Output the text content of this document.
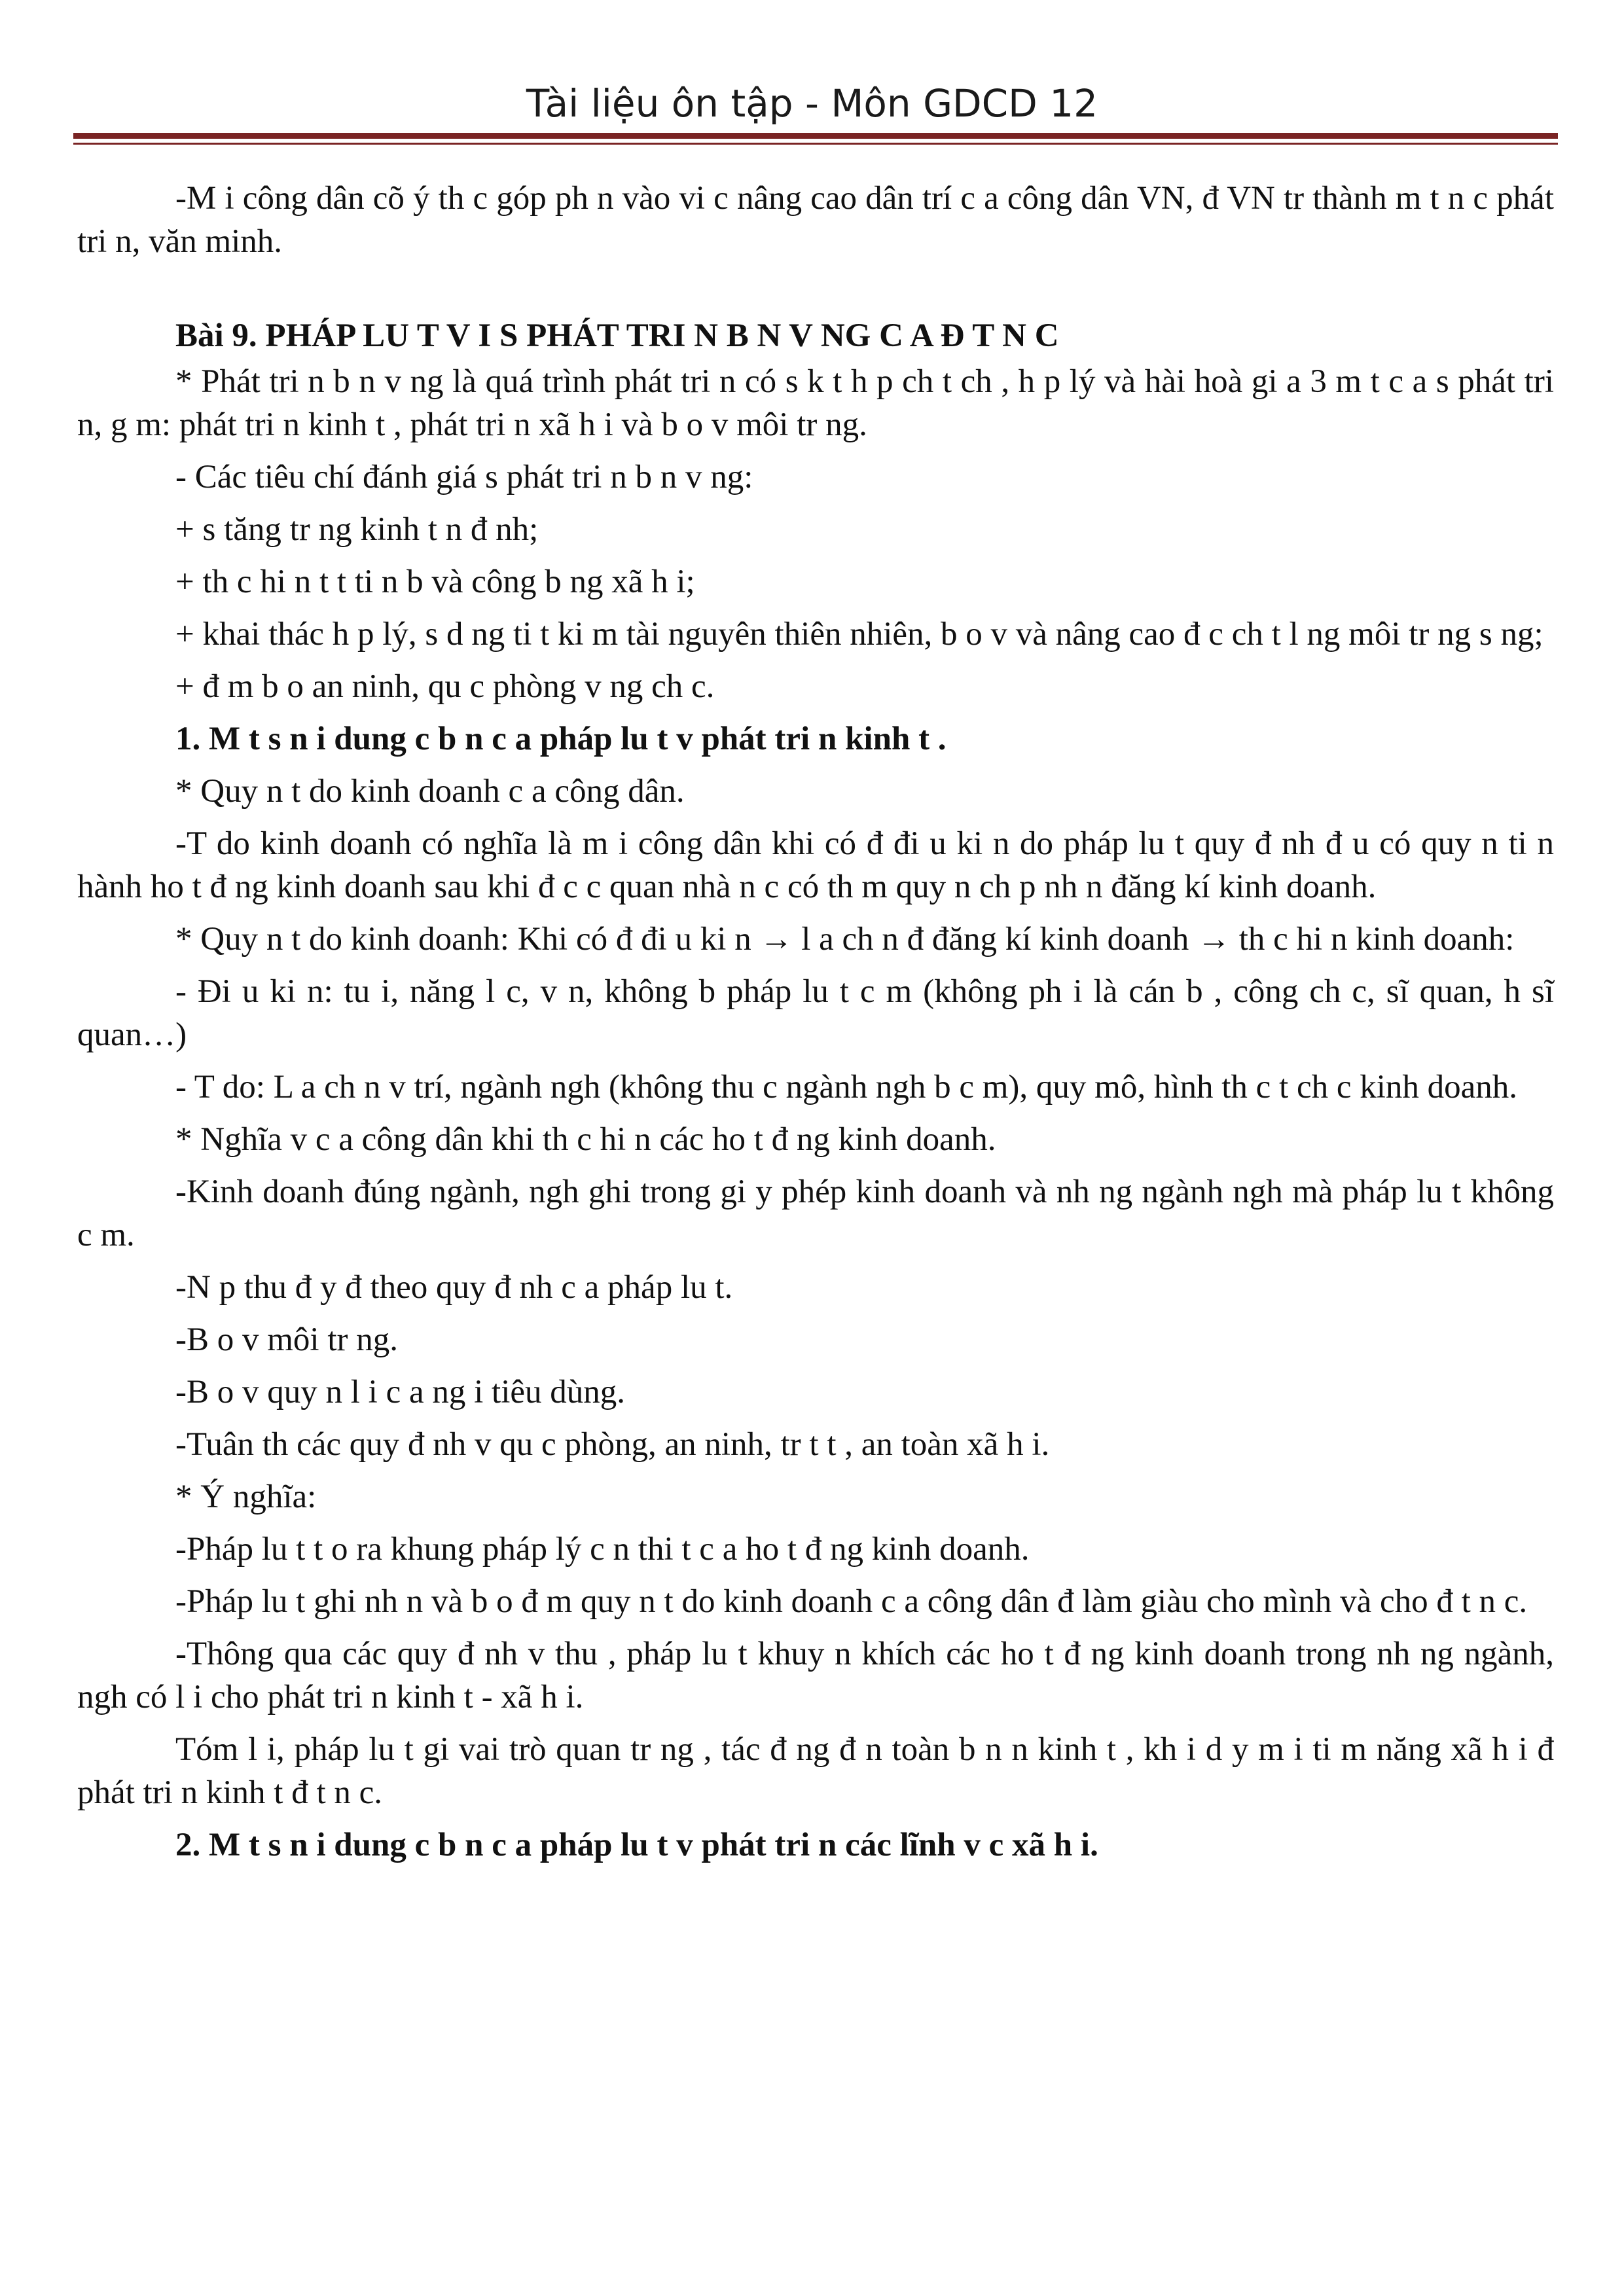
Tài liệu ôn tập - Môn GDCD 12

-M i công dân cõ ý th c góp ph n vào vi c nâng cao dân trí c a công dân VN, đ VN tr thành m t n c phát tri n, văn minh.

Bài 9. PHÁP LU T V I S PHÁT TRI N B N V NG C A Đ T N C

* Phát tri n b n v ng là quá trình phát tri n có s k t h p ch t ch , h p lý và hài hoà gi a 3 m t c a s phát tri n, g m: phát tri n kinh t , phát tri n xã h i và b o v môi tr ng.

- Các tiêu chí đánh giá s phát tri n b n v ng:

+ s tăng tr ng kinh t n đ nh;

+ th c hi n t t ti n b và công b ng xã h i;

+ khai thác h p lý, s d ng ti t ki m tài nguyên thiên nhiên, b o v và nâng cao đ c ch t l ng môi tr ng s ng;

+ đ m b o an ninh, qu c phòng v ng ch c.

1. M t s n i dung c b n c a pháp lu t v phát tri n kinh t .

* Quy n t do kinh doanh c a công dân.

-T do kinh doanh có nghĩa là m i công dân khi có đ đi u ki n do pháp lu t quy đ nh đ u có quy n ti n hành ho t đ ng kinh doanh sau khi đ c c quan nhà n c có th m quy n ch p nh n đăng kí kinh doanh.

* Quy n t do kinh doanh: Khi có đ đi u ki n → l a ch n đ đăng kí kinh doanh → th c hi n kinh doanh:

- Đi u ki n: tu i, năng l c, v n, không b pháp lu t c m (không ph i là cán b , công ch c, sĩ quan, h sĩ quan…)

- T do: L a ch n v trí, ngành ngh (không thu c ngành ngh b c m), quy mô, hình th c t ch c kinh doanh.

* Nghĩa v c a công dân khi th c hi n các ho t đ ng kinh doanh.

-Kinh doanh đúng ngành, ngh ghi trong gi y phép kinh doanh và nh ng ngành ngh mà pháp lu t không c m.

-N p thu đ y đ theo quy đ nh c a pháp lu t.

-B o v môi tr ng.

-B o v quy n l i c a ng i tiêu dùng.

-Tuân th các quy đ nh v qu c phòng, an ninh, tr t t , an toàn xã h i.

* Ý nghĩa:

-Pháp lu t t o ra khung pháp lý c n thi t c a ho t đ ng kinh doanh.

-Pháp lu t ghi nh n và b o đ m quy n t do kinh doanh c a công dân đ làm giàu cho mình và cho đ t n c.

-Thông qua các quy đ nh v thu , pháp lu t khuy n khích các ho t đ ng kinh doanh trong nh ng ngành, ngh có l i cho phát tri n kinh t - xã h i.

Tóm l i, pháp lu t gi vai trò quan tr ng , tác đ ng đ n toàn b n n kinh t , kh i d y m i ti m năng xã h i đ phát tri n kinh t đ t n c.

2. M t s n i dung c b n c a pháp lu t v phát tri n các lĩnh v c xã h i.
